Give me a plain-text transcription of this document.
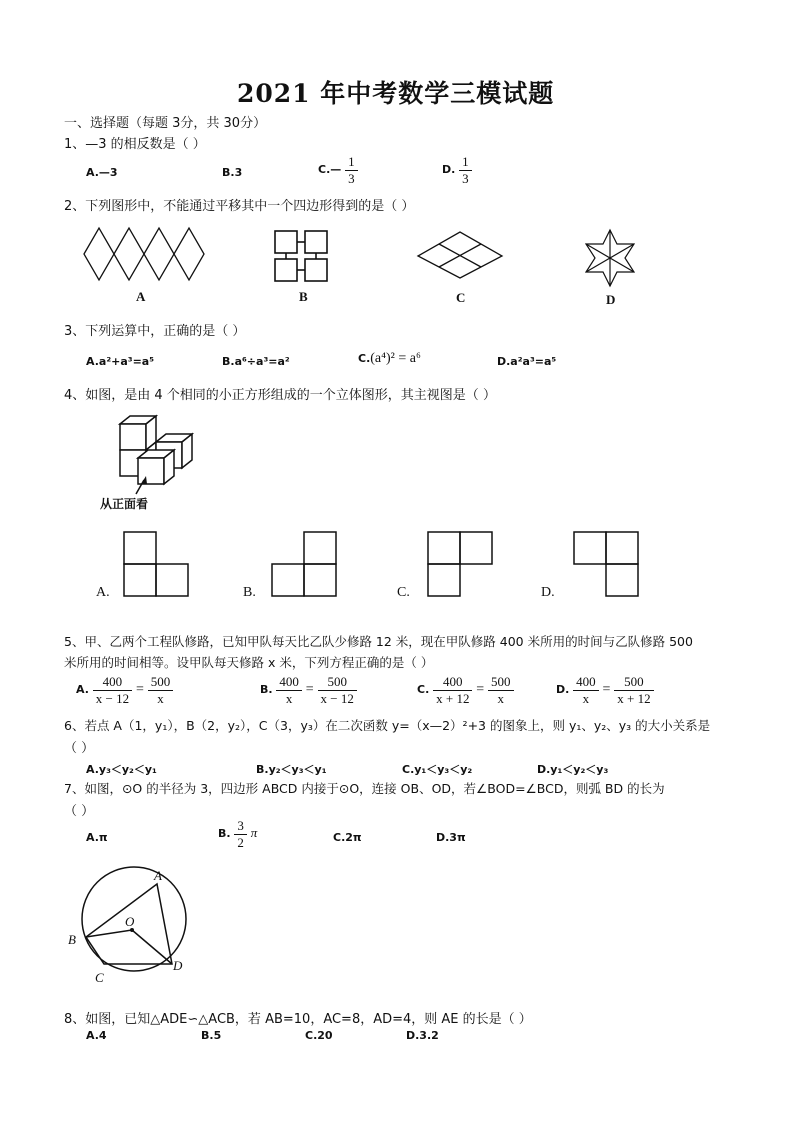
2021 年中考数学三模试题
一、选择题（每题 3分，共 30分）
1、—3 的相反数是（ ）
A.—3	B.3	C.— $\frac{1}{3}$	D. $\frac{1}{3}$
2、下列图形中，不能通过平移其中一个四边形得到的是（ ）
A	B	C	D
3、下列运算中，正确的是（ ）
A.a²+a³=a⁵	B.a⁶÷a³=a²	C.(a⁴)² = a⁶	D.a²a³=a⁵
4、如图，是由 4 个相同的小正方形组成的一个立体图形，其主视图是（ ）
从正面看
A.	B.	C.	D.
5、甲、乙两个工程队修路，已知甲队每天比乙队少修路 12 米，现在甲队修路 400 米所用的时间与乙队修路 500
米所用的时间相等。设甲队每天修路 x 米，下列方程正确的是（ ）
A. $\frac{400}{x - 12} = \frac{500}{x}$	B. $\frac{400}{x} = \frac{500}{x - 12}$	C. $\frac{400}{x + 12} = \frac{500}{x}$	D. $\frac{400}{x} = \frac{500}{x + 12}$
6、若点 A（1，y₁），B（2，y₂），C（3，y₃）在二次函数 y=（x—2）²+3 的图象上，则 y₁、y₂、y₃ 的大小关系是
（ ）
A.y₃＜y₂＜y₁	B.y₂＜y₃＜y₁	C.y₁＜y₃＜y₂	D.y₁＜y₂＜y₃
7、如图，⊙O 的半径为 3，四边形 ABCD 内接于⊙O，连接 OB、OD，若∠BOD=∠BCD，则弧 BD 的长为
（ ）
A.π	B. $\frac{3}{2}$ π	C.2π	D.3π
A
B
C
D
O
8、如图，已知△ADE∽△ACB，若 AB=10，AC=8，AD=4，则 AE 的长是（ ）
A.4	B.5	C.20	D.3.2
